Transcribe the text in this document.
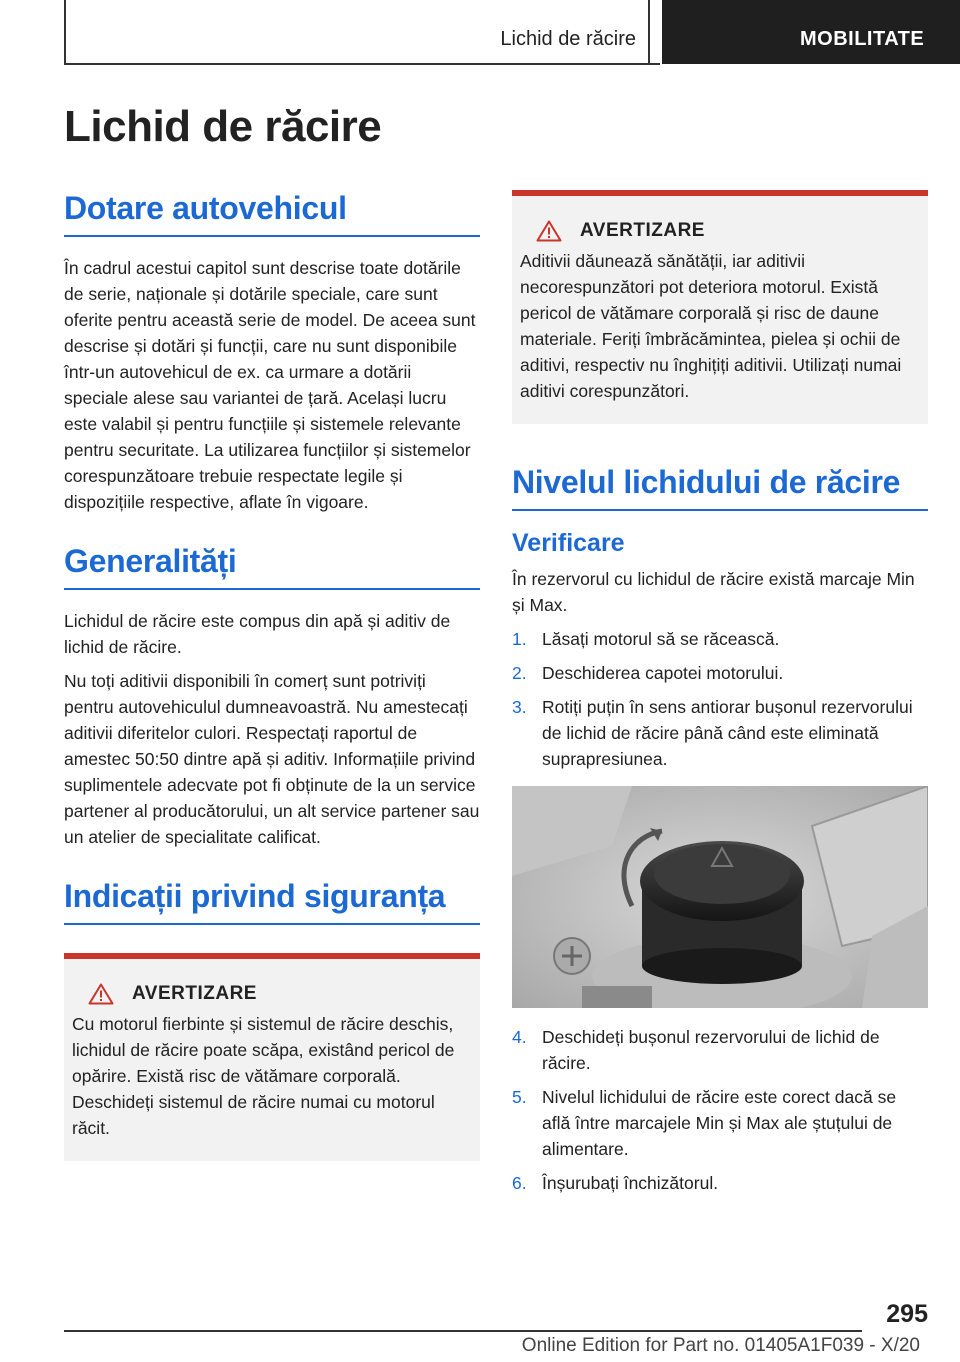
Lichid de răcire	MOBILITATE
Lichid de răcire
Dotare autovehicul

În cadrul acestui capitol sunt descrise toate dotările de serie, naționale și dotările speciale, care sunt oferite pentru această serie de model. De aceea sunt descrise și dotări și funcții, care nu sunt disponibile într-un autovehicul de ex. ca urmare a dotării speciale alese sau variantei de țară. Același lucru este valabil și pentru funcțiile și sistemele relevante pentru securitate. La utilizarea funcțiilor și sistemelor corespunzătoare trebuie respectate legile și dispozițiile respective, aflate în vigoare.

Generalități

Lichidul de răcire este compus din apă și aditiv de lichid de răcire.

Nu toți aditivii disponibili în comerț sunt potriviți pentru autovehiculul dumneavoastră. Nu amestecați aditivii diferitelor culori. Respectați raportul de amestec 50:50 dintre apă și aditiv. Informațiile privind suplimentele adecvate pot fi obținute de la un service partener al producătorului, un alt service partener sau un atelier de specialitate calificat.

Indicații privind siguranța
AVERTIZARE

Cu motorul fierbinte și sistemul de răcire deschis, lichidul de răcire poate scăpa, existând pericol de opărire. Există risc de vătămare corporală. Deschideți sistemul de răcire numai cu motorul răcit.

AVERTIZARE

Aditivii dăunează sănătății, iar aditivii necorespunzători pot deteriora motorul. Există pericol de vătămare corporală și risc de daune materiale. Feriți îmbrăcămintea, pielea și ochii de aditivi, respectiv nu înghițiți aditivii. Utilizați numai aditivi corespunzători.

Nivelul lichidului de răcire
Verificare

În rezervorul cu lichidul de răcire există marcaje Min și Max.

1. Lăsați motorul să se răcească.
2. Deschiderea capotei motorului.
3. Rotiți puțin în sens antiorar bușonul rezervorului de lichid de răcire până când este eliminată suprapresiunea.
4. Deschideți bușonul rezervorului de lichid de răcire.
5. Nivelul lichidului de răcire este corect dacă se află între marcajele Min și Max ale ștuțului de alimentare.
6. Înșurubați închizătorul.
295
Online Edition for Part no. 01405A1F039 - X/20
